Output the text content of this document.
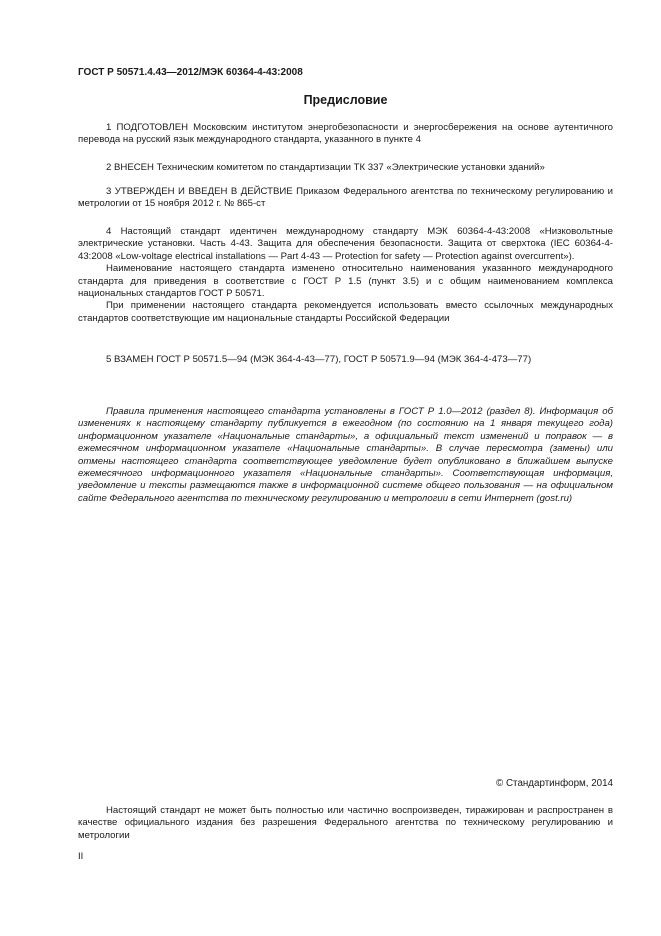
ГОСТ Р 50571.4.43—2012/МЭК 60364-4-43:2008
Предисловие

1 ПОДГОТОВЛЕН Московским институтом энергобезопасности и энергосбережения на основе аутентичного перевода на русский язык международного стандарта, указанного в пункте 4

2 ВНЕСЕН Техническим комитетом по стандартизации ТК 337 «Электрические установки зданий»

3 УТВЕРЖДЕН И ВВЕДЕН В ДЕЙСТВИЕ Приказом Федерального агентства по техническому регулированию и метрологии от 15 ноября 2012 г. № 865-ст

4 Настоящий стандарт идентичен международному стандарту МЭК 60364-4-43:2008 «Низковольтные электрические установки. Часть 4-43. Защита для обеспечения безопасности. Защита от сверхтока (IEC 60364-4-43:2008 «Low-voltage electrical installations — Part 4-43 — Protection for safety — Protection against overcurrent»).

Наименование настоящего стандарта изменено относительно наименования указанного международного стандарта для приведения в соответствие с ГОСТ Р 1.5 (пункт 3.5) и с общим наименованием комплекса национальных стандартов ГОСТ Р 50571.

При применении настоящего стандарта рекомендуется использовать вместо ссылочных международных стандартов соответствующие им национальные стандарты Российской Федерации

5 ВЗАМЕН ГОСТ Р 50571.5—94 (МЭК 364-4-43—77), ГОСТ Р 50571.9—94 (МЭК 364-4-473—77)

Правила применения настоящего стандарта установлены в ГОСТ Р 1.0—2012 (раздел 8). Информация об изменениях к настоящему стандарту публикуется в ежегодном (по состоянию на 1 января текущего года) информационном указателе «Национальные стандарты», а официальный текст изменений и поправок — в ежемесячном информационном указателе «Национальные стандарты». В случае пересмотра (замены) или отмены настоящего стандарта соответствующее уведомление будет опубликовано в ближайшем выпуске ежемесячного информационного указателя «Национальные стандарты». Соответствующая информация, уведомление и тексты размещаются также в информационной системе общего пользования — на официальном сайте Федерального агентства по техническому регулированию и метрологии в сети Интернет (gost.ru)

© Стандартинформ, 2014

Настоящий стандарт не может быть полностью или частично воспроизведен, тиражирован и распространен в качестве официального издания без разрешения Федерального агентства по техническому регулированию и метрологии

II
